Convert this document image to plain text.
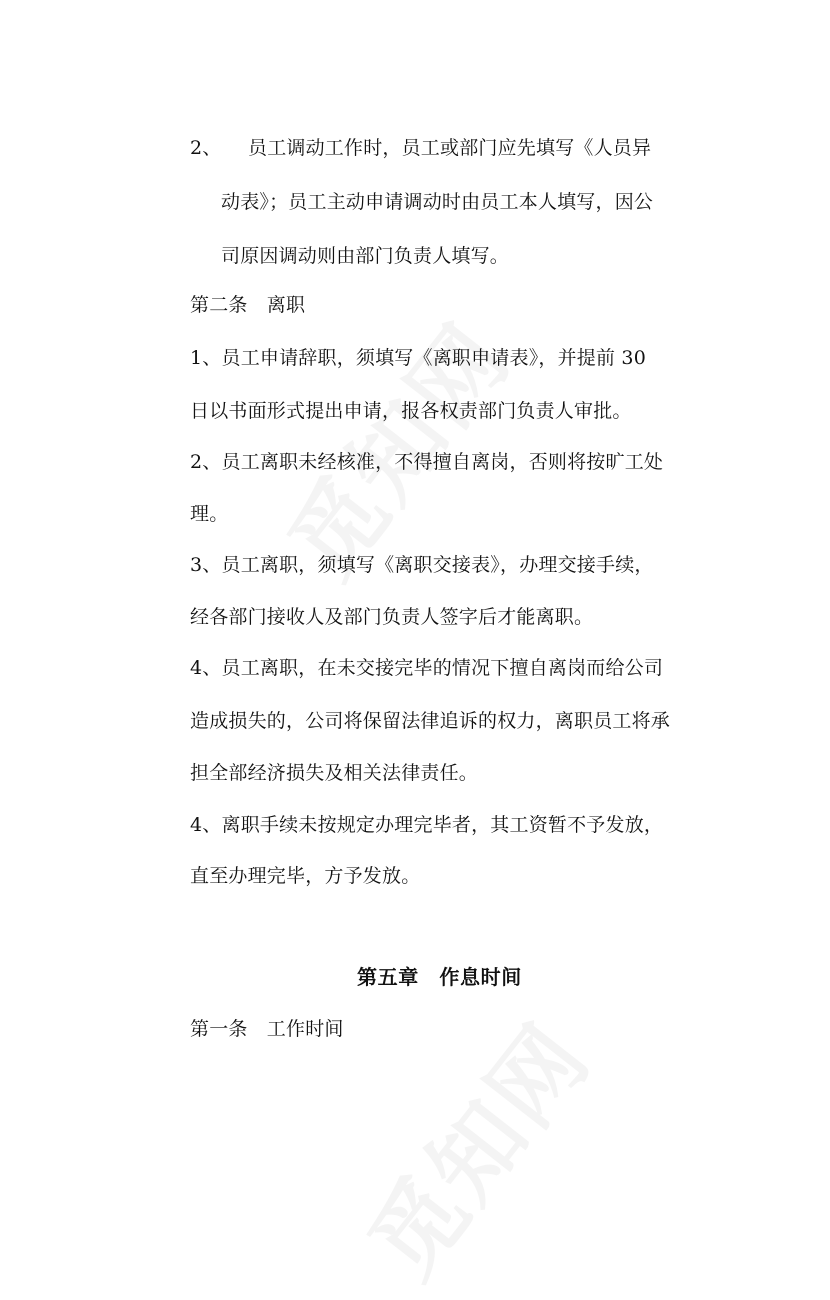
2、 员工调动工作时，员工或部门应先填写《人员异
动表》；员工主动申请调动时由员工本人填写，因公
司原因调动则由部门负责人填写。
第二条　离职
1、员工申请辞职，须填写《离职申请表》，并提前 30
日以书面形式提出申请，报各权责部门负责人审批。
2、员工离职未经核准，不得擅自离岗，否则将按旷工处
理。
3、员工离职，须填写《离职交接表》，办理交接手续，
经各部门接收人及部门负责人签字后才能离职。
4、员工离职，在未交接完毕的情况下擅自离岗而给公司
造成损失的，公司将保留法律追诉的权力，离职员工将承
担全部经济损失及相关法律责任。
4、离职手续未按规定办理完毕者，其工资暂不予发放，
直至办理完毕，方予发放。
第五章　作息时间
第一条　工作时间
